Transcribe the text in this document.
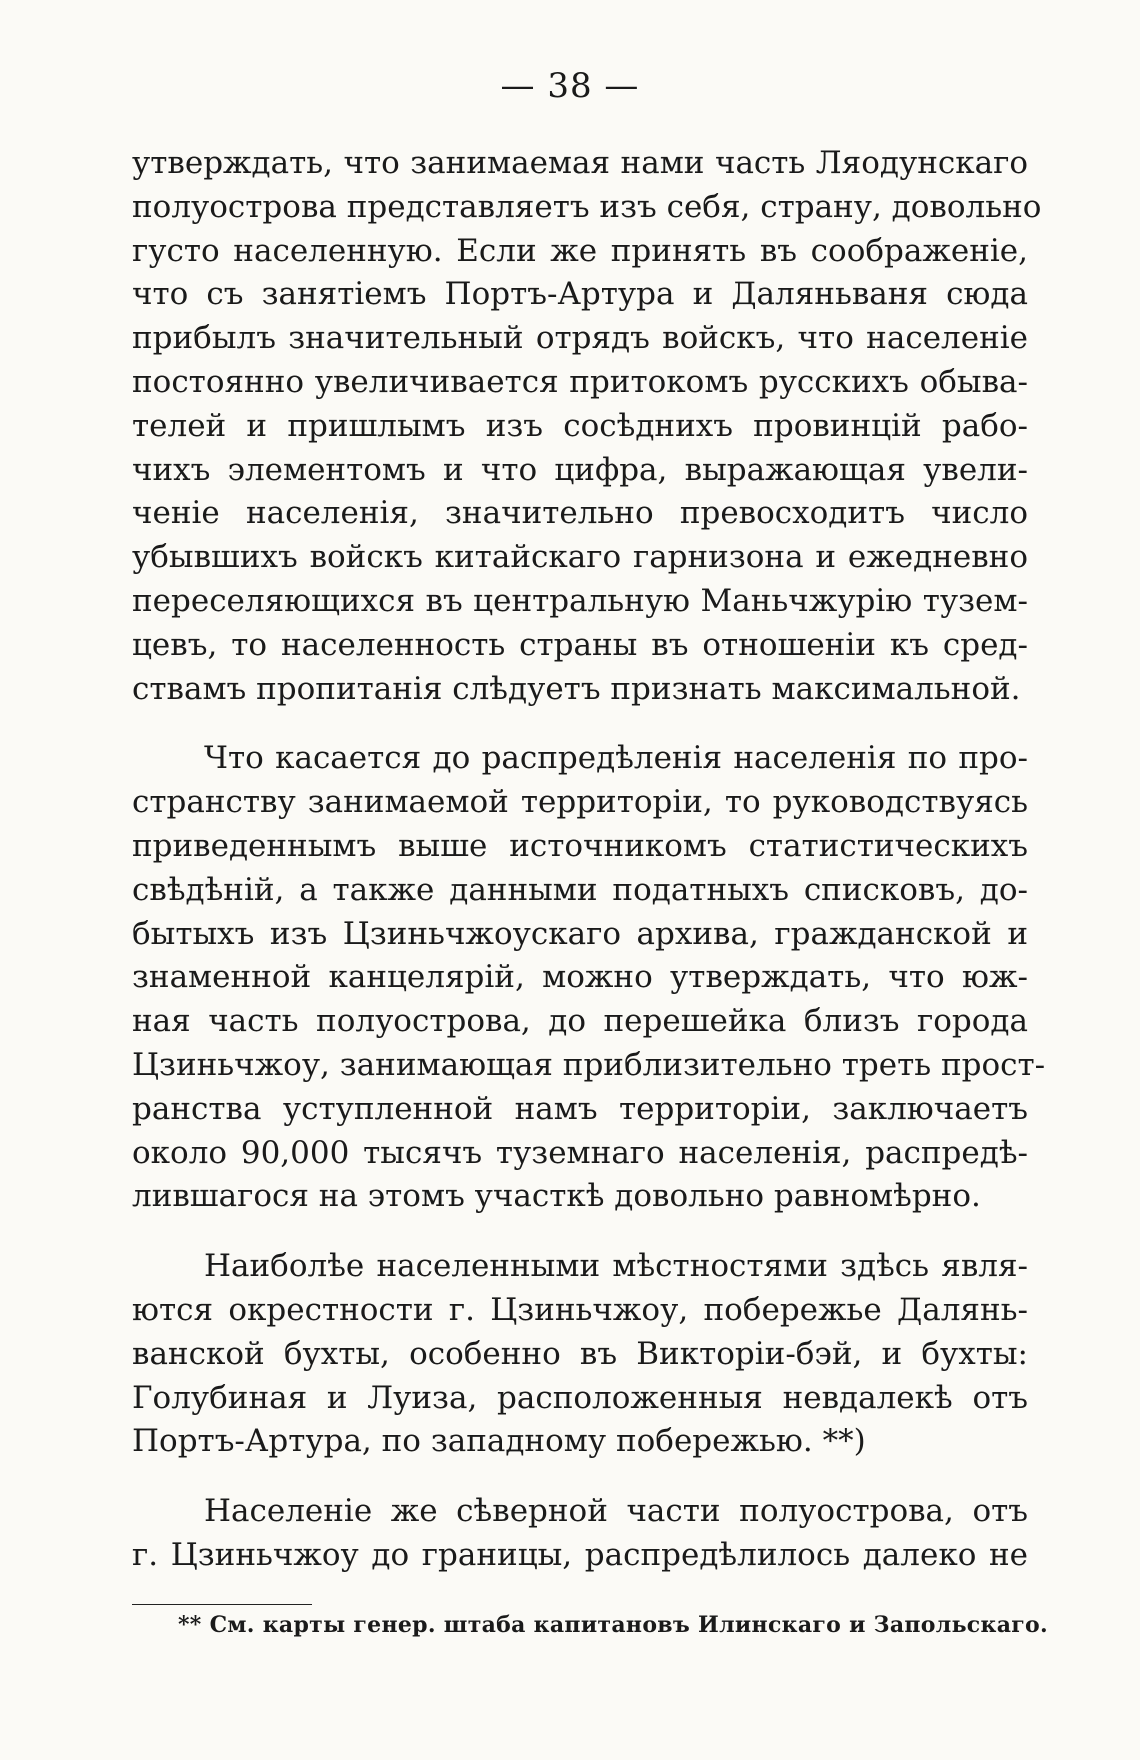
— 38 —

утверждать, что занимаемая нами часть Ляодунскаго
полуострова представляетъ изъ себя, страну, довольно
густо населенную. Если же принять въ соображеніе,
что съ занятіемъ Портъ-Артура и Даляньваня сюда
прибылъ значительный отрядъ войскъ, что населеніе
постоянно увеличивается притокомъ русскихъ обыва-
телей и пришлымъ изъ сосѣднихъ провинцій рабо-
чихъ элементомъ и что цифра, выражающая увели-
ченіе населенія, значительно превосходитъ число
убывшихъ войскъ китайскаго гарнизона и ежедневно
переселяющихся въ центральную Маньчжурію тузем-
цевъ, то населенность страны въ отношеніи къ сред-
ствамъ пропитанія слѣдуетъ признать максимальной.

Что касается до распредѣленія населенія по про-
странству занимаемой территоріи, то руководствуясь
приведеннымъ выше источникомъ статистическихъ
свѣдѣній, а также данными податныхъ списковъ, до-
бытыхъ изъ Цзиньчжоускаго архива, гражданской и
знаменной канцелярій, можно утверждать, что юж-
ная часть полуострова, до перешейка близъ города
Цзиньчжоу, занимающая приблизительно треть прост-
ранства уступленной намъ территоріи, заключаетъ
около 90,000 тысячъ туземнаго населенія, распредѣ-
лившагося на этомъ участкѣ довольно равномѣрно.

Наиболѣе населенными мѣстностями здѣсь явля-
ются окрестности г. Цзиньчжоу, побережье Далянь-
ванской бухты, особенно въ Викторіи-бэй, и бухты:
Голубиная и Луиза, расположенныя невдалекѣ отъ
Портъ-Артура, по западному побережью. **)

Населеніе же сѣверной части полуострова, отъ
г. Цзиньчжоу до границы, распредѣлилось далеко не

** См. карты генер. штаба капитановъ Илинскаго и Запольскаго.
